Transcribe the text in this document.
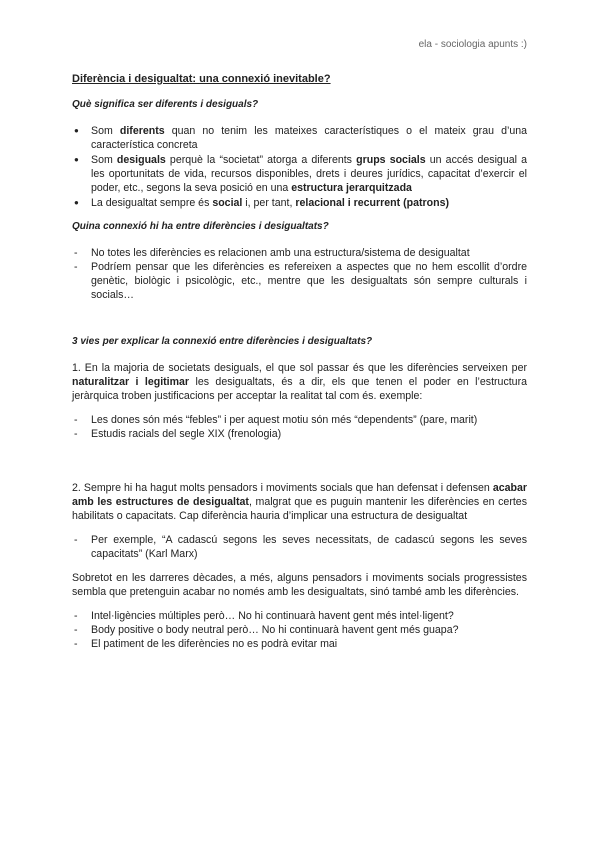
ela - sociologia apunts :)
Diferència i desigualtat: una connexió inevitable?
Què significa ser diferents i desiguals?
● Som diferents quan no tenim les mateixes característiques o el mateix grau d’una característica concreta
● Som desiguals perquè la “societat” atorga a diferents grups socials un accés desigual a les oportunitats de vida, recursos disponibles, drets i deures jurídics, capacitat d’exercir el poder, etc., segons la seva posició en una estructura jerarquitzada
● La desigualtat sempre és social i, per tant, relacional i recurrent (patrons)
Quina connexió hi ha entre diferències i desigualtats?
- No totes les diferències es relacionen amb una estructura/sistema de desigualtat
- Podríem pensar que les diferències es refereixen a aspectes que no hem escollit d’ordre genètic, biològic i psicològic, etc., mentre que les desigualtats són sempre culturals i socials…
3 vies per explicar la connexió entre diferències i desigualtats?

1. En la majoria de societats desiguals, el que sol passar és que les diferències serveixen per naturalitzar i legitimar les desigualtats, és a dir, els que tenen el poder en l’estructura jeràrquica troben justificacions per acceptar la realitat tal com és. exemple:

- Les dones són més “febles” i per aquest motiu són més “dependents” (pare, marit)
- Estudis racials del segle XIX (frenologia)

2. Sempre hi ha hagut molts pensadors i moviments socials que han defensat i defensen acabar amb les estructures de desigualtat, malgrat que es puguin mantenir les diferències en certes habilitats o capacitats. Cap diferència hauria d’implicar una estructura de desigualtat

- Per exemple, “A cadascú segons les seves necessitats, de cadascú segons les seves capacitats” (Karl Marx)

Sobretot en les darreres dècades, a més, alguns pensadors i moviments socials progressistes sembla que pretenguin acabar no només amb les desigualtats, sinó també amb les diferències.

- Intel·ligències múltiples però… No hi continuarà havent gent més intel·ligent?
- Body positive o body neutral però… No hi continuarà havent gent més guapa?
- El patiment de les diferències no es podrà evitar mai
